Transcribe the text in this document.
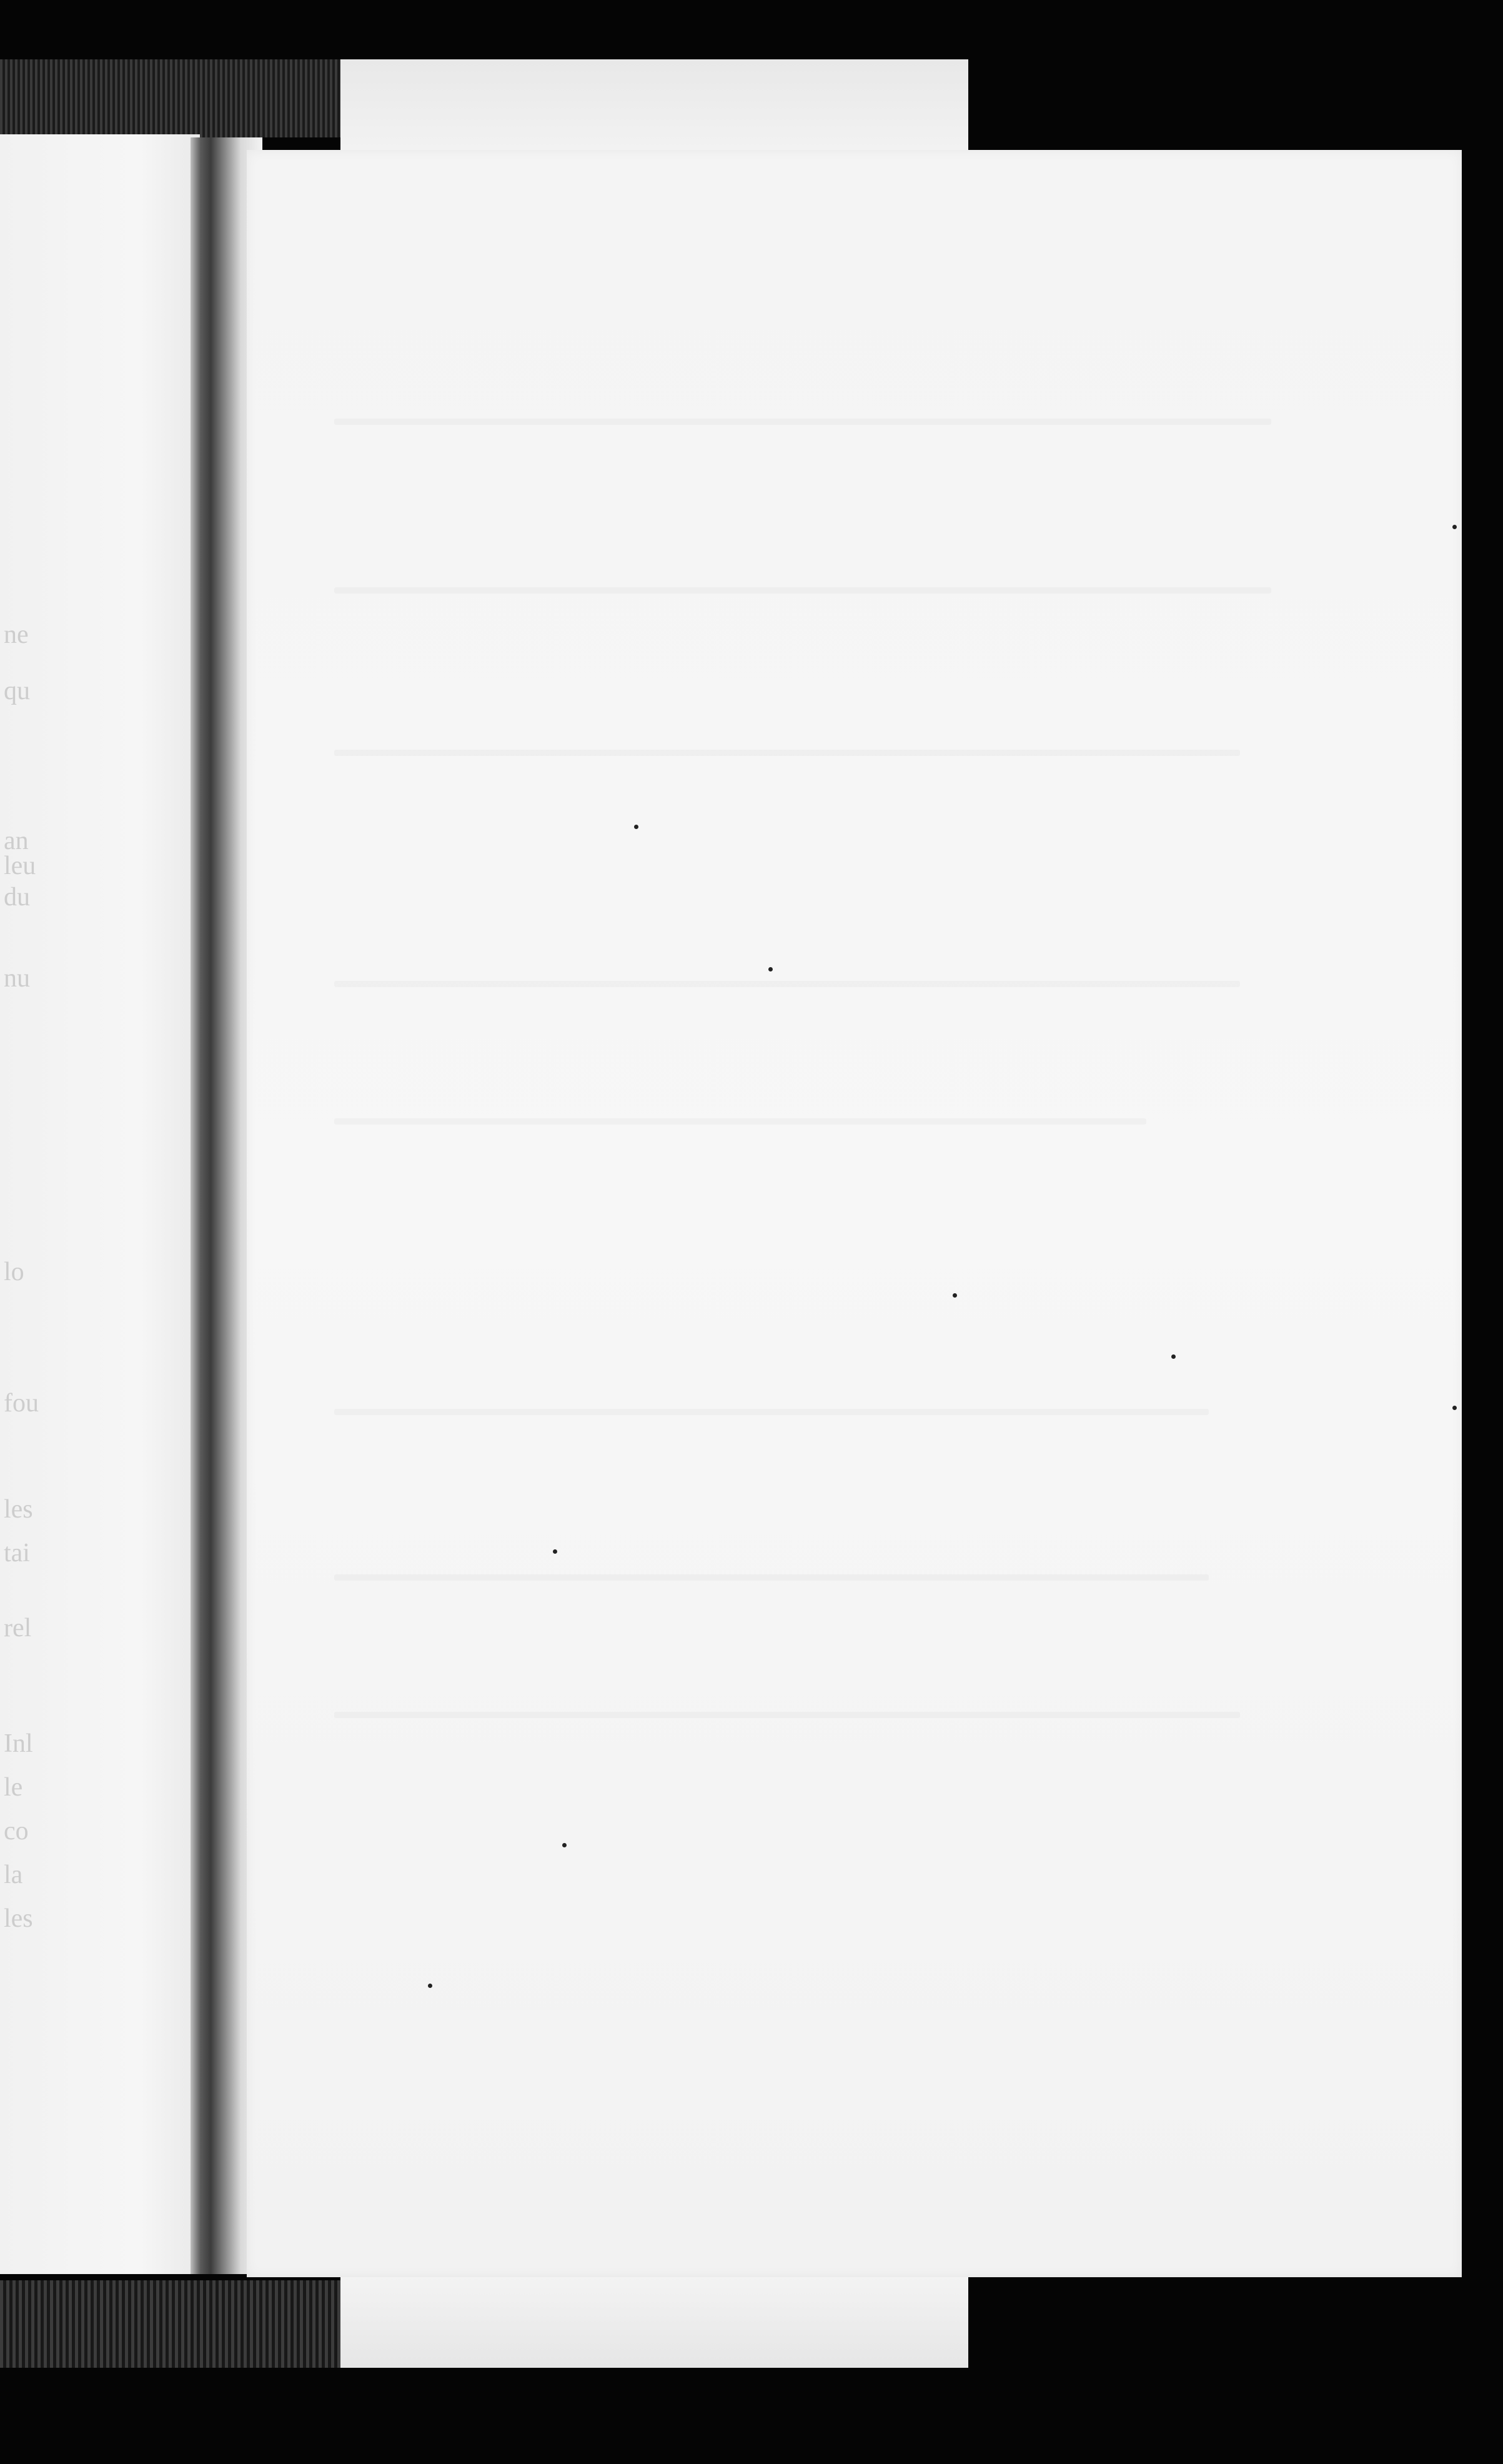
qu
nu
du
an
leu
ne
lo
fou
les
tai
rel
Inl
le
co
la
les
